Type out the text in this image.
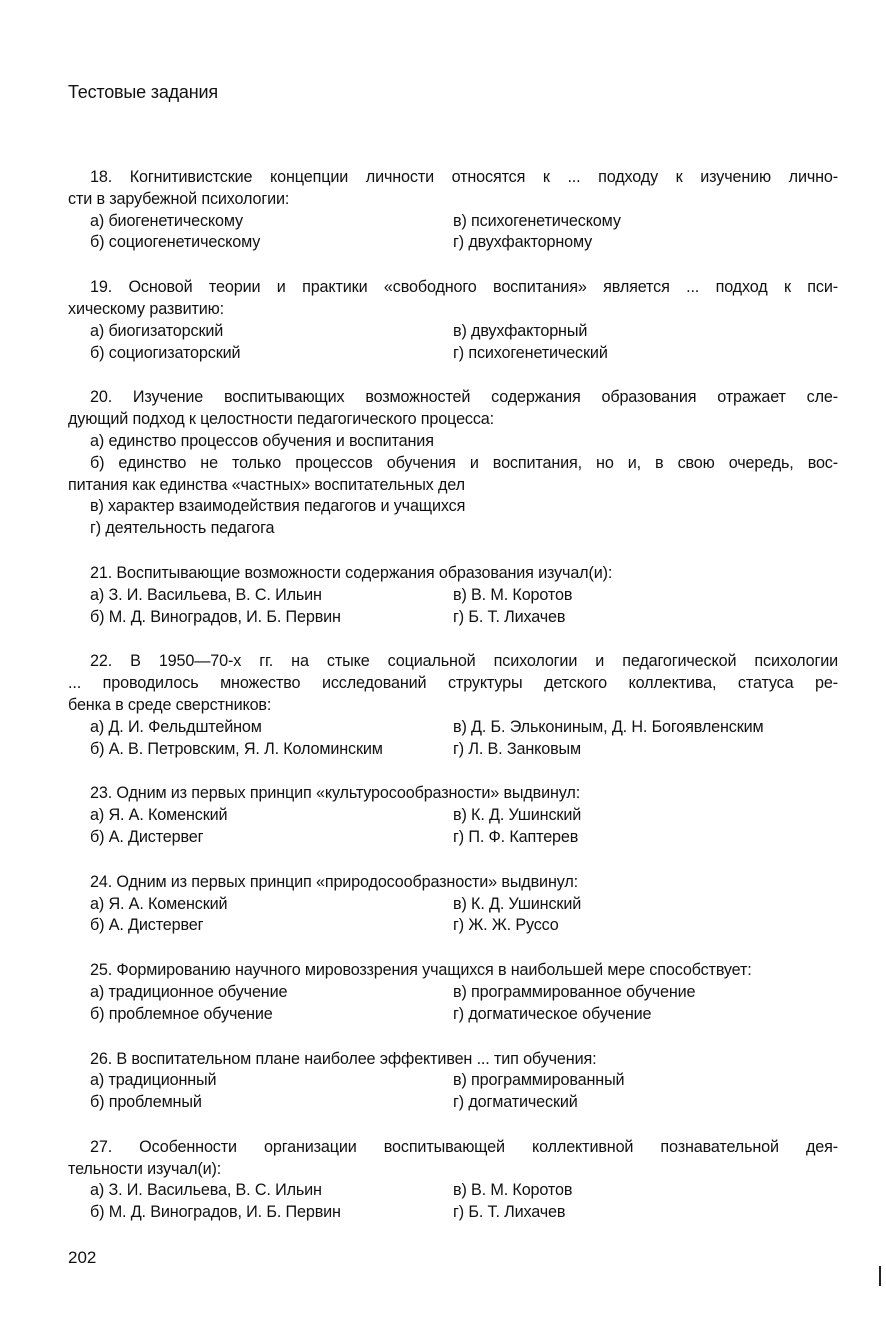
Тестовые задания
18. Когнитивистские концепции личности относятся к ... подходу к изучению лично-
сти в зарубежной психологии:
а) биогенетическому	в) психогенетическому
б) социогенетическому	г) двухфакторному
19. Основой теории и практики «свободного воспитания» является ... подход к пси-
хическому развитию:
а) биогизаторский	в) двухфакторный
б) социогизаторский	г) психогенетический
20. Изучение воспитывающих возможностей содержания образования отражает сле-
дующий подход к целостности педагогического процесса:
а) единство процессов обучения и воспитания
б) единство не только процессов обучения и воспитания, но и, в свою очередь, вос-
питания как единства «частных» воспитательных дел
в) характер взаимодействия педагогов и учащихся
г) деятельность педагога
21. Воспитывающие возможности содержания образования изучал(и):
а) З. И. Васильева, В. С. Ильин	в) В. М. Коротов
б) М. Д. Виноградов, И. Б. Первин	г) Б. Т. Лихачев
22. В 1950—70-х гг. на стыке социальной психологии и педагогической психологии
... проводилось множество исследований структуры детского коллектива, статуса ре-
бенка в среде сверстников:
а) Д. И. Фельдштейном	в) Д. Б. Элькониным, Д. Н. Богоявленским
б) А. В. Петровским, Я. Л. Коломинским	г) Л. В. Занковым
23. Одним из первых принцип «культуросообразности» выдвинул:
а) Я. А. Коменский	в) К. Д. Ушинский
б) А. Дистервег	г) П. Ф. Каптерев
24. Одним из первых принцип «природосообразности» выдвинул:
а) Я. А. Коменский	в) К. Д. Ушинский
б) А. Дистервег	г) Ж. Ж. Руссо
25. Формированию научного мировоззрения учащихся в наибольшей мере способствует:
а) традиционное обучение	в) программированное обучение
б) проблемное обучение	г) догматическое обучение
26. В воспитательном плане наиболее эффективен ... тип обучения:
а) традиционный	в) программированный
б) проблемный	г) догматический
27. Особенности организации воспитывающей коллективной познавательной дея-
тельности изучал(и):
а) З. И. Васильева, В. С. Ильин	в) В. М. Коротов
б) М. Д. Виноградов, И. Б. Первин	г) Б. Т. Лихачев
202
